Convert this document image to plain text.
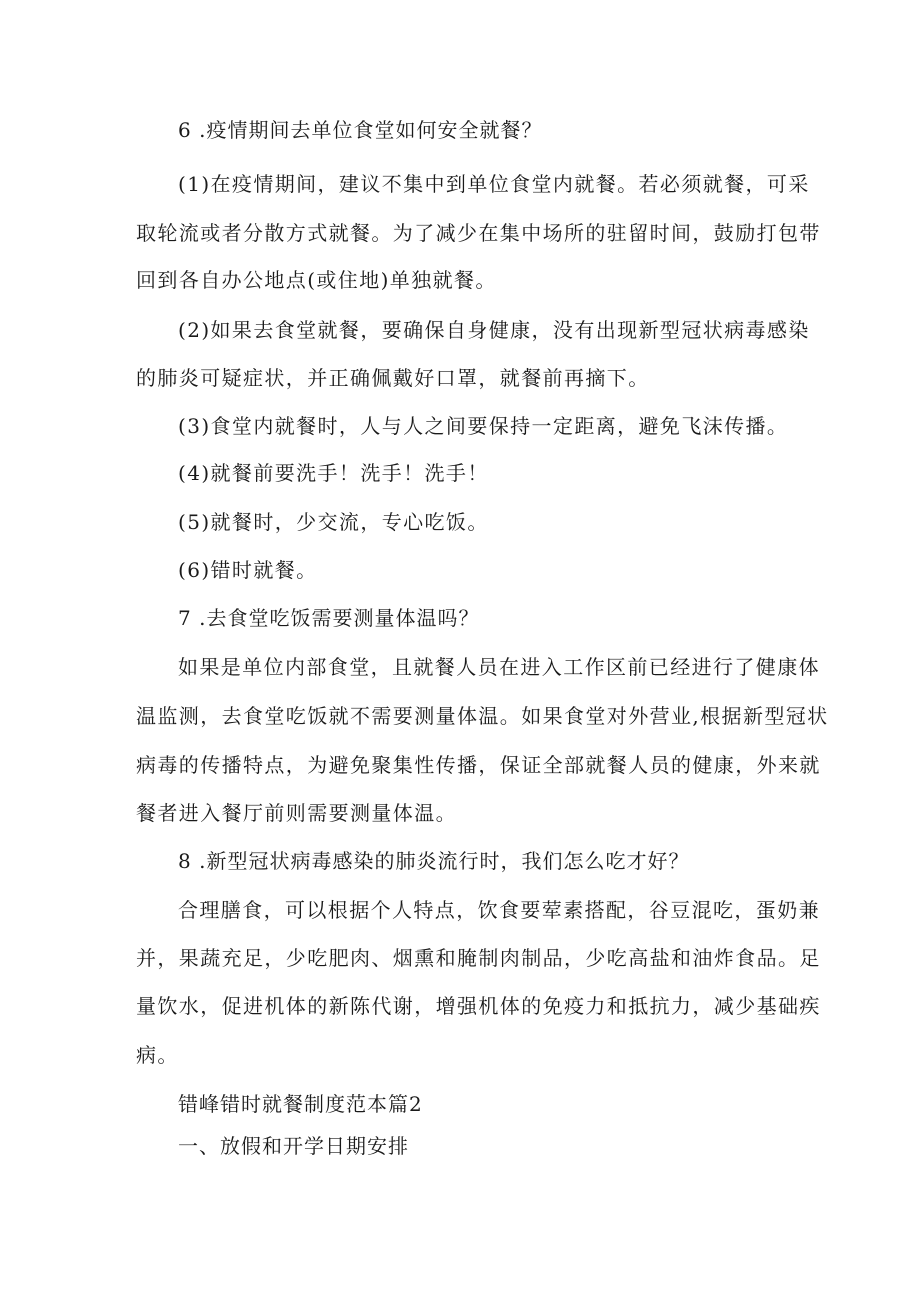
6 .疫情期间去单位食堂如何安全就餐？
(1)在疫情期间，建议不集中到单位食堂内就餐。若必须就餐，可采
取轮流或者分散方式就餐。为了减少在集中场所的驻留时间，鼓励打包带
回到各自办公地点(或住地)单独就餐。
(2)如果去食堂就餐，要确保自身健康，没有出现新型冠状病毒感染
的肺炎可疑症状，并正确佩戴好口罩，就餐前再摘下。
(3)食堂内就餐时，人与人之间要保持一定距离，避免飞沫传播。
(4)就餐前要洗手！洗手！洗手！
(5)就餐时，少交流，专心吃饭。
(6)错时就餐。
7 .去食堂吃饭需要测量体温吗？
如果是单位内部食堂，且就餐人员在进入工作区前已经进行了健康体
温监测，去食堂吃饭就不需要测量体温。如果食堂对外营业,根据新型冠状
病毒的传播特点，为避免聚集性传播，保证全部就餐人员的健康，外来就
餐者进入餐厅前则需要测量体温。
8 .新型冠状病毒感染的肺炎流行时，我们怎么吃才好？
合理膳食，可以根据个人特点，饮食要荤素搭配，谷豆混吃，蛋奶兼
并，果蔬充足，少吃肥肉、烟熏和腌制肉制品，少吃高盐和油炸食品。足
量饮水，促进机体的新陈代谢，增强机体的免疫力和抵抗力，减少基础疾
病。
错峰错时就餐制度范本篇2
一、放假和开学日期安排
